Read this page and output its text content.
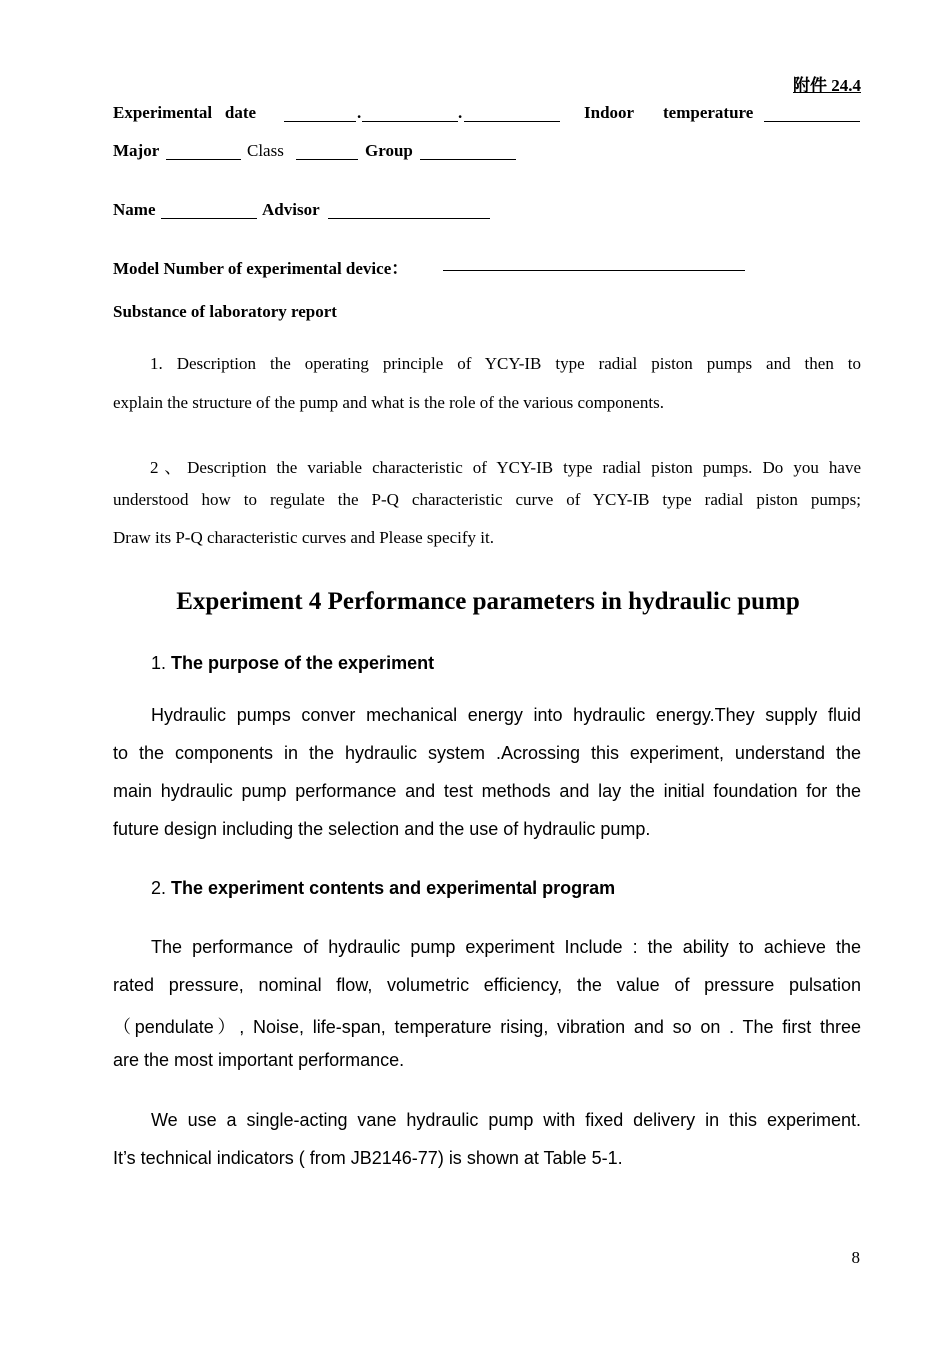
附件 24.4
Experimental   date	.	.	Indoor temperature
Major	Class	Group
Name	Advisor
Model Number of experimental device：
Substance of laboratory report
1. Description the operating principle of YCY-IB type radial piston pumps and then to
explain the structure of the pump and what is the role of the various components.
2、Description the variable characteristic of YCY-IB type radial piston pumps. Do you have
understood how to regulate the P-Q characteristic curve of YCY-IB type radial piston pumps;
Draw its P-Q characteristic curves and Please specify it.
Experiment 4 Performance parameters in hydraulic pump
1. The purpose of the experiment
Hydraulic pumps conver mechanical energy into hydraulic energy.They supply fluid
to the components in the hydraulic system .Acrossing this experiment, understand the
main hydraulic pump performance and test methods and lay the initial foundation for the
future design including the selection and the use of hydraulic pump.
2. The experiment contents and experimental program
The performance of hydraulic pump experiment Include : the ability to achieve the
rated pressure, nominal flow, volumetric efficiency, the value of pressure pulsation
（pendulate）, Noise, life-span, temperature rising, vibration and so on . The first three
are the most important performance.
We use a single-acting vane hydraulic pump with fixed delivery in this experiment.
It’s technical indicators ( from JB2146-77) is shown at Table 5-1.
8
